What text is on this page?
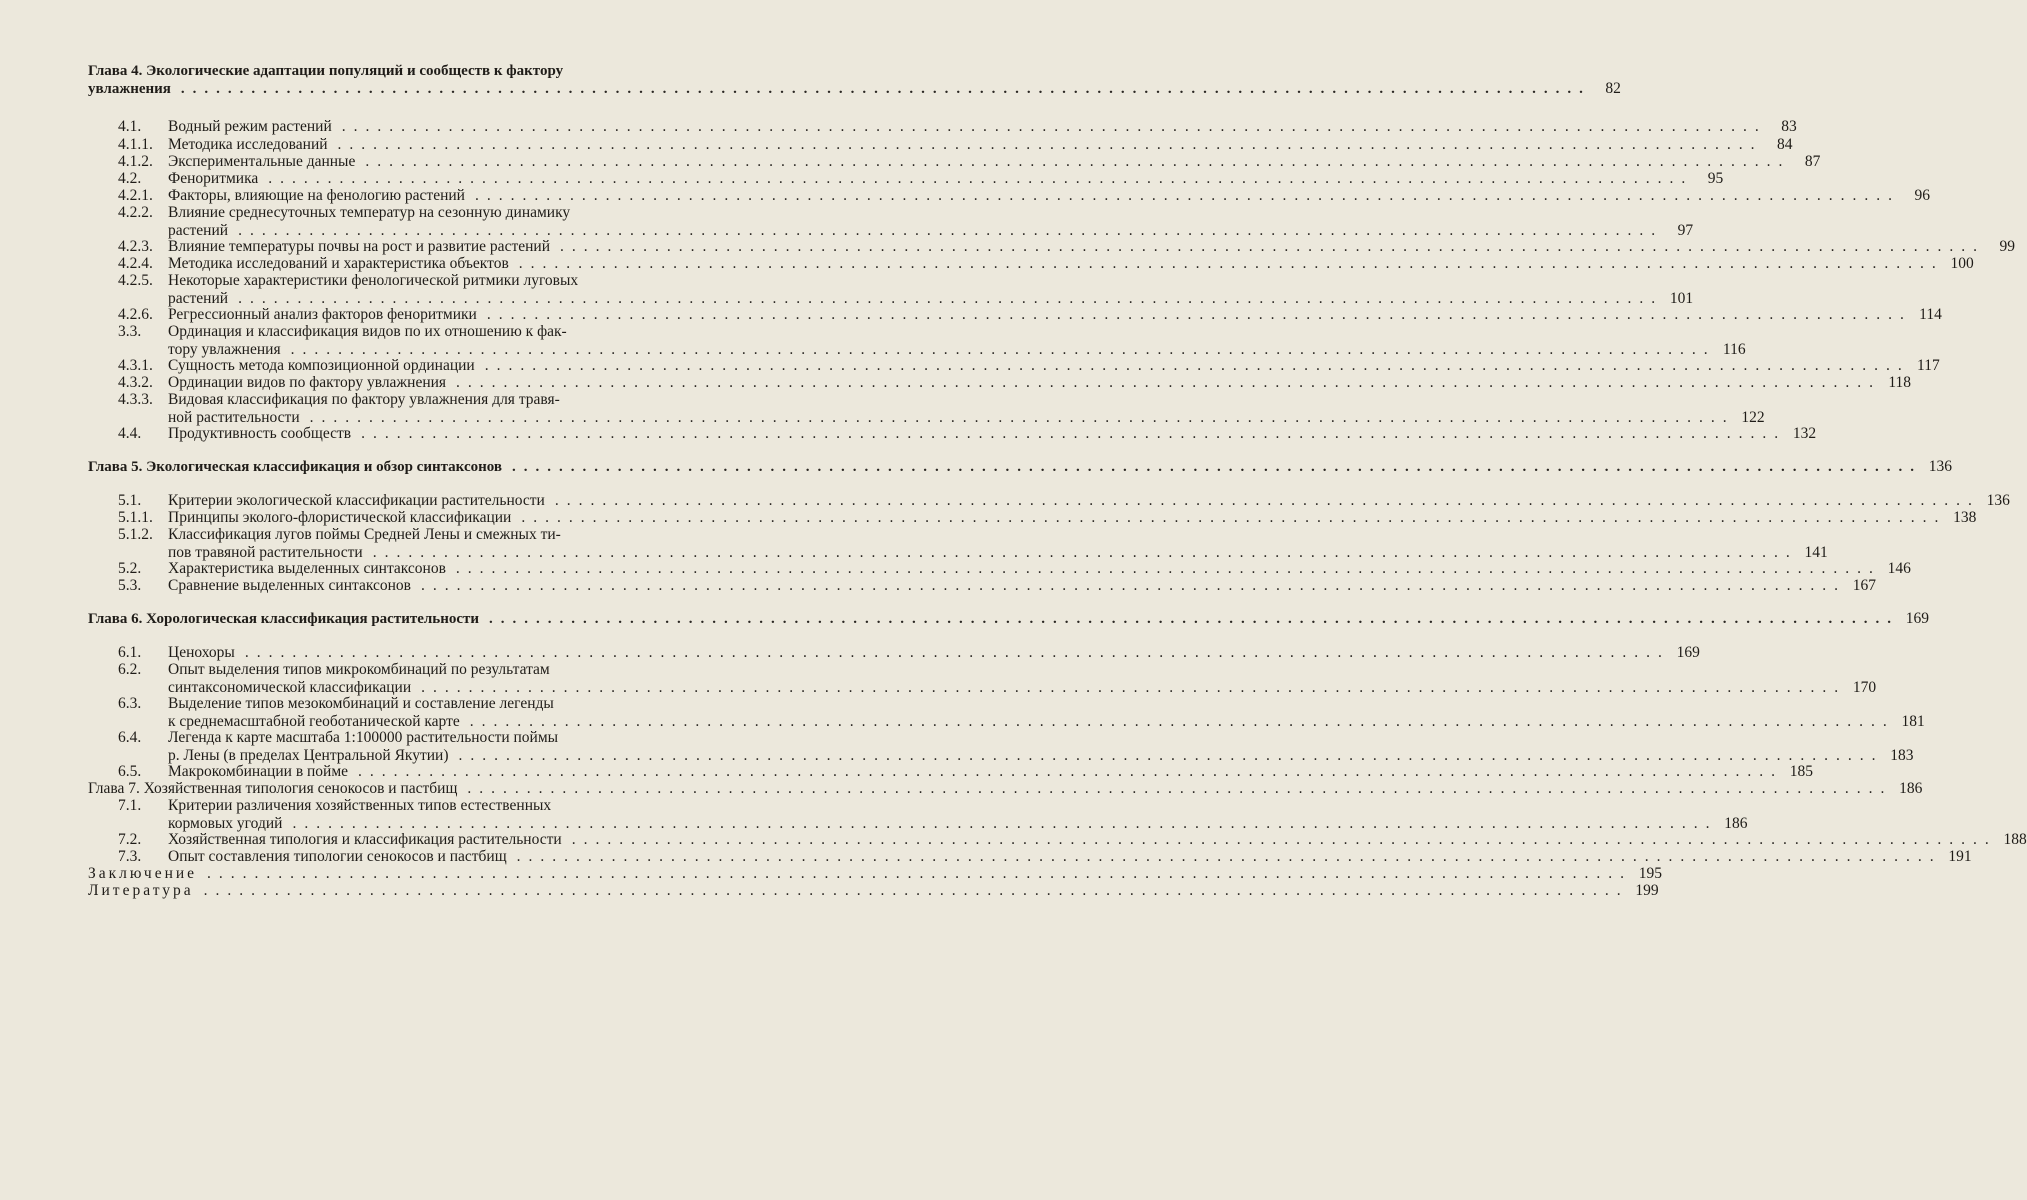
Глава 4. Экологические адаптации популяций и сообществ к фактору
увлажнения ........................................................................................................................ 82
4.1. Водный режим растений ........................................................................................................................ 83
4.1.1. Методика исследований ........................................................................................................................ 84
4.1.2. Экспериментальные данные ........................................................................................................................ 87
4.2. Феноритмика ........................................................................................................................ 95
4.2.1. Факторы, влияющие на фенологию растений ........................................................................................................................ 96
4.2.2. Влияние среднесуточных температур на сезонную динамику
растений ........................................................................................................................ 97
4.2.3. Влияние температуры почвы на рост и развитие растений ........................................................................................................................ 99
4.2.4. Методика исследований и характеристика объектов ........................................................................................................................ 100
4.2.5. Некоторые характеристики фенологической ритмики луговых
растений ........................................................................................................................ 101
4.2.6. Регрессионный анализ факторов феноритмики ........................................................................................................................ 114
3.3. Ординация и классификация видов по их отношению к фак-
тору увлажнения ........................................................................................................................ 116
4.3.1. Сущность метода композиционной ординации ........................................................................................................................ 117
4.3.2. Ординации видов по фактору увлажнения ........................................................................................................................ 118
4.3.3. Видовая классификация по фактору увлажнения для травя-
ной растительности ........................................................................................................................ 122
4.4. Продуктивность сообществ ........................................................................................................................ 132
Глава 5. Экологическая классификация и обзор синтаксонов ........................................................................................................................ 136
5.1. Критерии экологической классификации растительности ........................................................................................................................ 136
5.1.1. Принципы эколого-флористической классификации ........................................................................................................................ 138
5.1.2. Классификация лугов поймы Средней Лены и смежных ти-
пов травяной растительности ........................................................................................................................ 141
5.2. Характеристика выделенных синтаксонов ........................................................................................................................ 146
5.3. Сравнение выделенных синтаксонов ........................................................................................................................ 167
Глава 6. Хорологическая классификация растительности ........................................................................................................................ 169
6.1. Ценохоры ........................................................................................................................ 169
6.2. Опыт выделения типов микрокомбинаций по результатам
синтаксономической классификации ........................................................................................................................ 170
6.3. Выделение типов мезокомбинаций и составление легенды
к среднемасштабной геоботанической карте ........................................................................................................................ 181
6.4. Легенда к карте масштаба 1:100000 растительности поймы
р. Лены (в пределах Центральной Якутии) ........................................................................................................................ 183
6.5. Макрокомбинации в пойме ........................................................................................................................ 185
Глава 7. Хозяйственная типология сенокосов и пастбищ ........................................................................................................................ 186
7.1. Критерии различения хозяйственных типов естественных
кормовых угодий ........................................................................................................................ 186
7.2. Хозяйственная типология и классификация растительности ........................................................................................................................ 188
7.3. Опыт составления типологии сенокосов и пастбищ ........................................................................................................................ 191
Заключение ........................................................................................................................ 195
Литература ........................................................................................................................ 199
